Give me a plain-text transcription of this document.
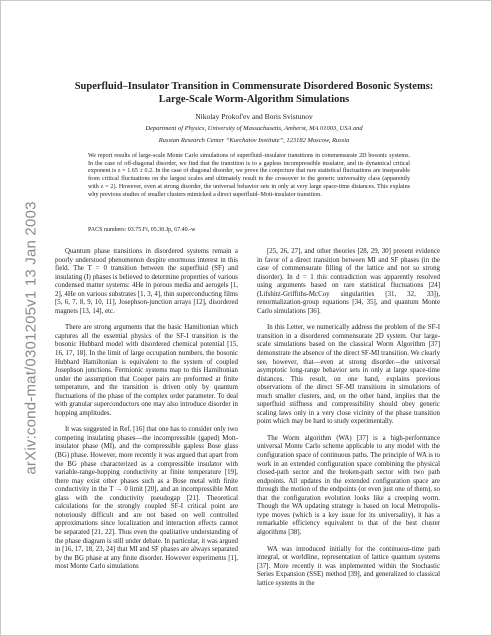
arXiv:cond-mat/0301205v1 13 Jan 2003
Superfluid–Insulator Transition in Commensurate Disordered Bosonic Systems: Large-Scale Worm-Algorithm Simulations
Nikolay Prokof'ev and Boris Svistunov
Department of Physics, University of Massachusetts, Amherst, MA 01003, USA and
Russian Research Center “Kurchatov Institute”, 123182 Moscow, Russia

We report results of large-scale Monte Carlo simulations of superfluid–insulator transitions in commensurate 2D bosonic systems. In the case of off-diagonal disorder, we find that the transition is to a gapless incompressible insulator, and its dynamical critical exponent is z = 1.65 ± 0.2. In the case of diagonal disorder, we prove the conjecture that rare statistical fluctuations are inseparable from critical fluctuations on the largest scales and ultimately result in the crossover to the generic universality class (apparently with z = 2). However, even at strong disorder, the universal behavior sets in only at very large space-time distances. This explains why previous studies of smaller clusters mimicked a direct superfluid–Mott-insulator transition.

PACS numbers: 03.75.Fi, 05.30.Jp, 67.40.-w

Quantum phase transitions in disordered systems remain a poorly understood phenomenon despite enormous interest in this field. The T = 0 transition between the superfluid (SF) and insulating (I) phases is believed to determine properties of various condensed matter systems: 4He in porous media and aerogels [1, 2], 4He on various substrates [1, 3, 4], thin superconducting films [5, 6, 7, 8, 9, 10, 11], Josephson-junction arrays [12], disordered magnets [13, 14], etc.

There are strong arguments that the basic Hamiltonian which captures all the essential physics of the SF-I transition is the bosonic Hubbard model with disordered chemical potential [15, 16, 17, 18]. In the limit of large occupation numbers, the bosonic Hubbard Hamiltonian is equivalent to the system of coupled Josephson junctions. Fermionic systems map to this Hamiltonian under the assumption that Cooper pairs are preformed at finite temperature, and the transition is driven only by quantum fluctuations of the phase of the complex order parameter. To deal with granular superconductors one may also introduce disorder in hopping amplitudes.

It was suggested in Ref. [16] that one has to consider only two competing insulating phases—the incompressible (gaped) Mott-insulator phase (MI), and the compressible gapless Bose glass (BG) phase. However, more recently it was argued that apart from the BG phase characterized as a compressible insulator with variable-range-hopping conductivity at finite temperature [19], there may exist other phases such as a Bose metal with finite conductivity in the T → 0 limit [20], and an incompressible Mott glass with the conductivity pseudogap [21]. Theoretical calculations for the strongly coupled SF-I critical point are notoriously difficult and are not based on well controlled approximations since localization and interaction effects cannot be separated [21, 22]. Thus even the qualitative understanding of the phase diagram is still under debate. In particular, it was argued in [16, 17, 18, 23, 24] that MI and SF phases are always separated by the BG phase at any finite disorder. However experiments [1], most Monte Carlo simulations

[25, 26, 27], and other theories [28, 29, 30] present evidence in favor of a direct transition between MI and SF phases (in the case of commensurate filling of the lattice and not so strong disorder). In d = 1 this contradiction was apparently resolved using arguments based on rare statistical fluctuations [24] (Lifshitz-Griffiths-McCoy singularities [31, 32, 33]), renormalization-group equations [34, 35], and quantum Monte Carlo simulations [36].

In this Letter, we numerically address the problem of the SF-I transition in a disordered commensurate 2D system. Our large-scale simulations based on the classical Worm Algorithm [37] demonstrate the absence of the direct SF-MI transition. We clearly see, however, that—even at strong disorder—the universal asymptotic long-range behavior sets in only at large space-time distances. This result, on one hand, explains previous observations of the direct SF-MI transitions in simulations of much smaller clusters, and, on the other hand, implies that the superfluid stiffness and compressibility should obey generic scaling laws only in a very close vicinity of the phase transition point which may be hard to study experimentally.

The Worm algorithm (WA) [37] is a high-performance universal Monte Carlo scheme applicable to any model with the configuration space of continuous paths. The principle of WA is to work in an extended configuration space combining the physical closed-path sector and the broken-path sector with two path endpoints. All updates in the extended configuration space are through the motion of the endpoints (or even just one of them), so that the configuration evolution looks like a creeping worm. Though the WA updating strategy is based on local Metropolis-type moves (which is a key issue for its universality), it has a remarkable efficiency equivalent to that of the best cluster algorithms [38].

WA was introduced initially for the continuous-time path integral, or worldline, representation of lattice quantum systems [37]. More recently it was implemented within the Stochastic Series Expansion (SSE) method [39], and generalized to classical lattice systems in the
